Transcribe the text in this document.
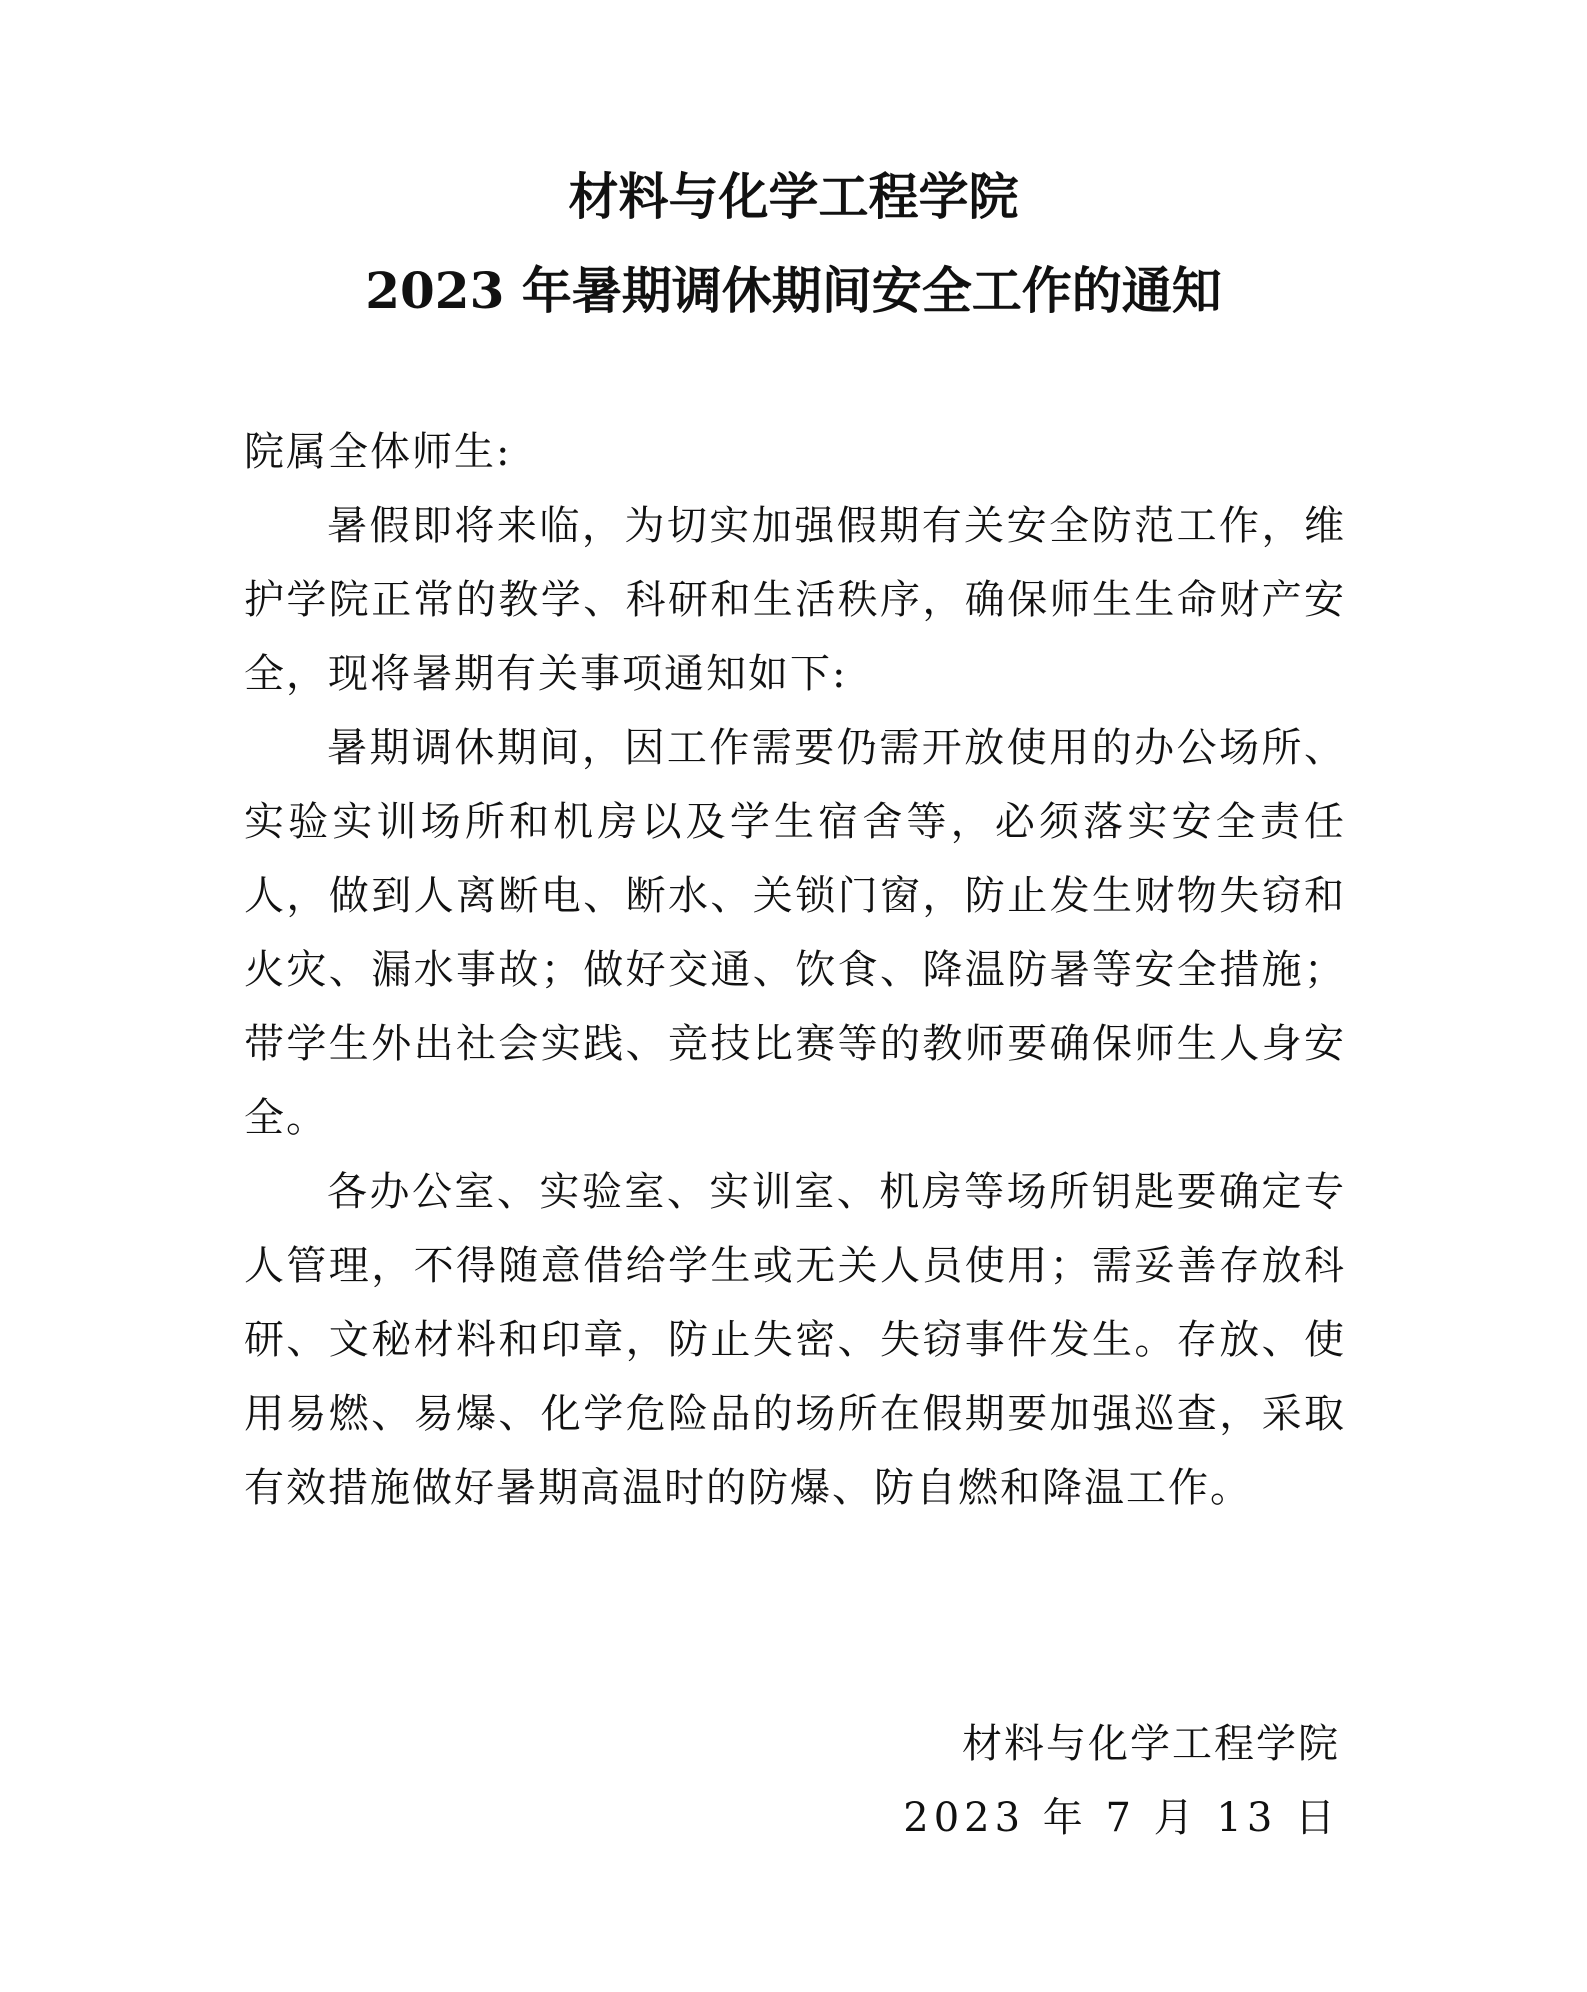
材料与化学工程学院
2023 年暑期调休期间安全工作的通知

院属全体师生:

暑假即将来临，为切实加强假期有关安全防范工作，维护学院正常的教学、科研和生活秩序，确保师生生命财产安全，现将暑期有关事项通知如下:

暑期调休期间，因工作需要仍需开放使用的办公场所、实验实训场所和机房以及学生宿舍等，必须落实安全责任人，做到人离断电、断水、关锁门窗，防止发生财物失窃和火灾、漏水事故；做好交通、饮食、降温防暑等安全措施；带学生外出社会实践、竞技比赛等的教师要确保师生人身安全。

各办公室、实验室、实训室、机房等场所钥匙要确定专人管理，不得随意借给学生或无关人员使用；需妥善存放科研、文秘材料和印章，防止失密、失窃事件发生。存放、使用易燃、易爆、化学危险品的场所在假期要加强巡查，采取有效措施做好暑期高温时的防爆、防自燃和降温工作。

材料与化学工程学院
2023 年 7 月 13 日
